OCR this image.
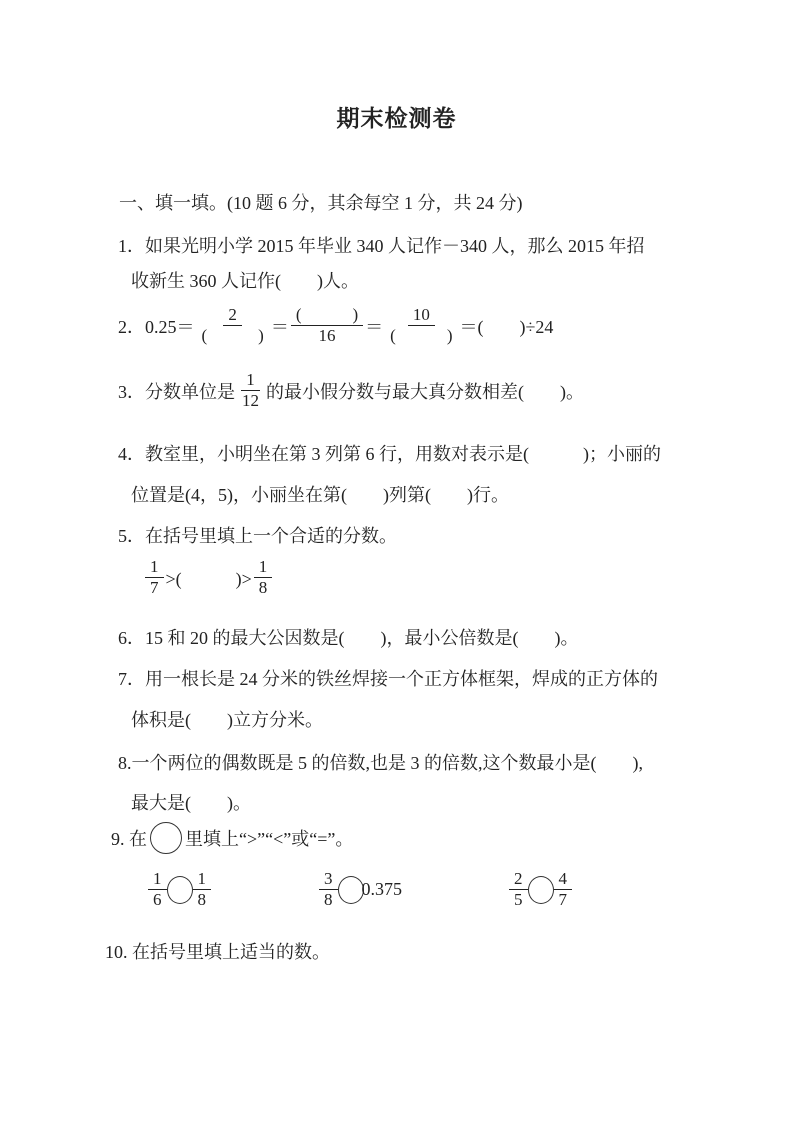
期末检测卷
一、填一填。(10 题 6 分，其余每空 1 分，共 24 分)
1．如果光明小学 2015 年毕业 340 人记作－340 人，那么 2015 年招
收新生 360 人记作(　　)人。
2．$0.25= \frac{2}{( )} = \frac{( )}{16} = \frac{10}{( )}$ ＝(　　)÷24
3．分数单位是 $\frac{1}{12}$ 的最小假分数与最大真分数相差(　　)。
4．教室里，小明坐在第 3 列第 6 行，用数对表示是(　　　)；小丽的
位置是(4，5)，小丽坐在第(　　)列第(　　)行。
5．在括号里填上一个合适的分数。
$\frac{1}{7}$ >(　　　)> $\frac{1}{8}$
6．15 和 20 的最大公因数是(　　)，最小公倍数是(　　)。
7．用一根长是 24 分米的铁丝焊接一个正方体框架，焊成的正方体的
体积是(　　)立方分米。
8.一个两位的偶数既是 5 的倍数,也是 3 的倍数,这个数最小是(　　),
最大是(　　)。
9. 在 里填上“>”“<”或“=”。
$\frac{1}{6} \frac{1}{8}$	$\frac{3}{8} 0.375$	$\frac{2}{5} \frac{4}{7}$
10. 在括号里填上适当的数。
